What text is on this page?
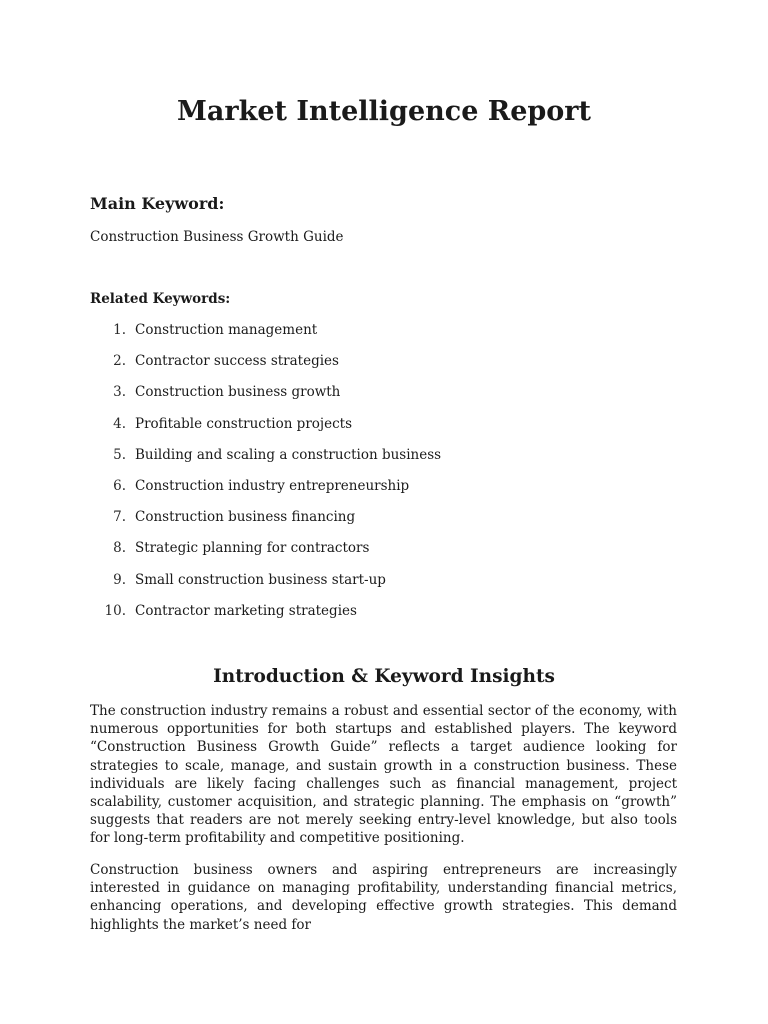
Market Intelligence Report
Main Keyword:

Construction Business Growth Guide

Related Keywords:
1. Construction management
2. Contractor success strategies
3. Construction business growth
4. Profitable construction projects
5. Building and scaling a construction business
6. Construction industry entrepreneurship
7. Construction business financing
8. Strategic planning for contractors
9. Small construction business start-up
10. Contractor marketing strategies
Introduction & Keyword Insights

The construction industry remains a robust and essential sector of the economy, with numerous opportunities for both startups and established players. The keyword “Construction Business Growth Guide” reflects a target audience looking for strategies to scale, manage, and sustain growth in a construction business. These individuals are likely facing challenges such as financial management, project scalability, customer acquisition, and strategic planning. The emphasis on “growth” suggests that readers are not merely seeking entry-level knowledge, but also tools for long-term profitability and competitive positioning.

Construction business owners and aspiring entrepreneurs are increasingly interested in guidance on managing profitability, understanding financial metrics, enhancing operations, and developing effective growth strategies. This demand highlights the market’s need for
